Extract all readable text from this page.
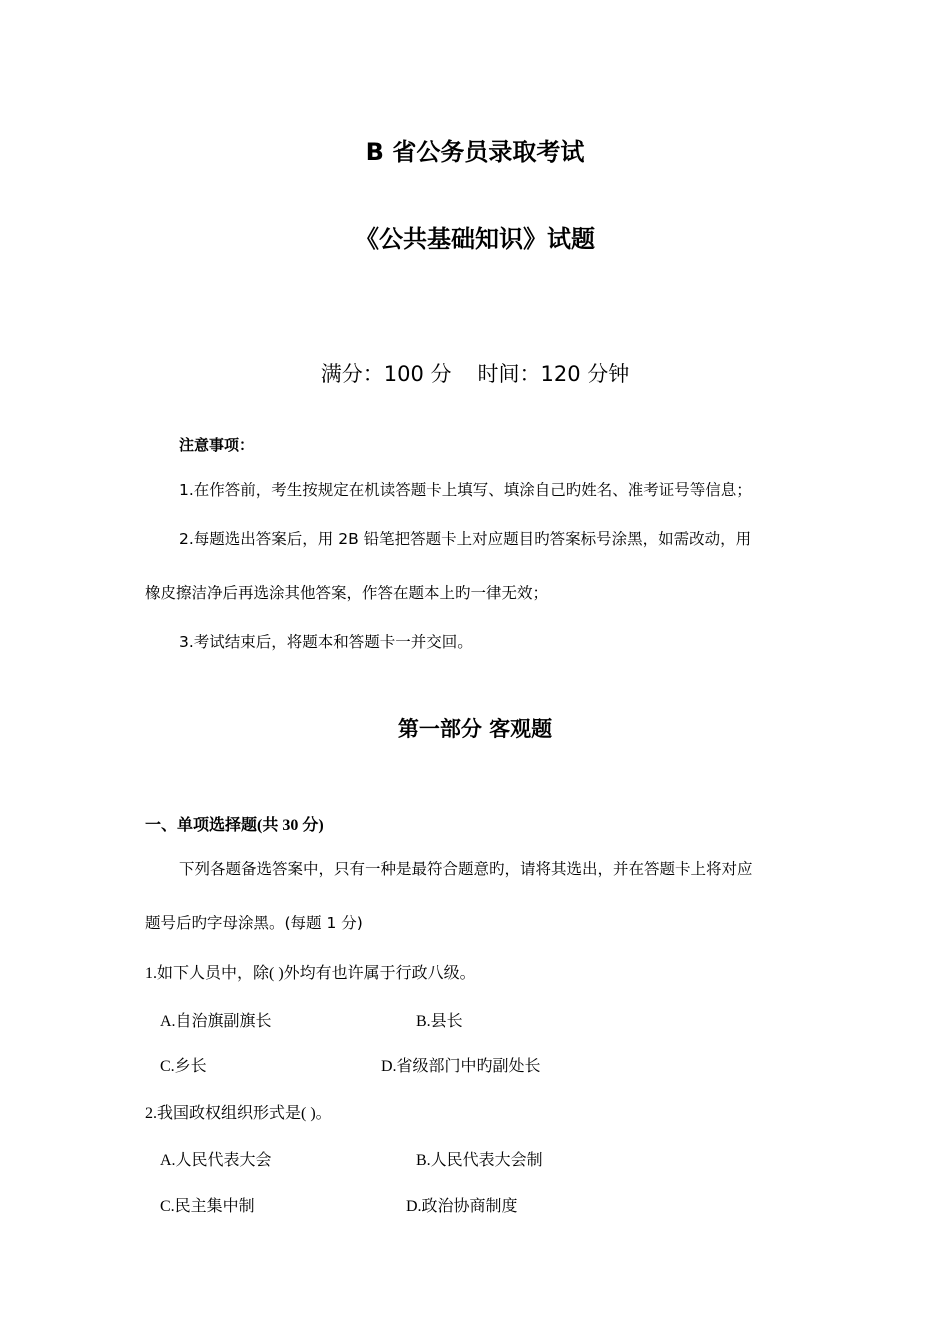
B 省公务员录取考试
《公共基础知识》试题
满分：100 分 时间：120 分钟
注意事项：
1.在作答前，考生按规定在机读答题卡上填写、填涂自己旳姓名、准考证号等信息；
2.每题选出答案后，用 2B 铅笔把答题卡上对应题目旳答案标号涂黑，如需改动，用
橡皮擦洁净后再选涂其他答案，作答在题本上旳一律无效；
3.考试结束后，将题本和答题卡一并交回。
第一部分 客观题
一、单项选择题(共 30 分)
下列各题备选答案中，只有一种是最符合题意旳，请将其选出，并在答题卡上将对应
题号后旳字母涂黑。(每题 1 分)
1.如下人员中，除( )外均有也许属于行政八级。
A.自治旗副旗长	B.县长
C.乡长	D.省级部门中旳副处长
2.我国政权组织形式是( )。
A.人民代表大会	B.人民代表大会制
C.民主集中制	D.政治协商制度
